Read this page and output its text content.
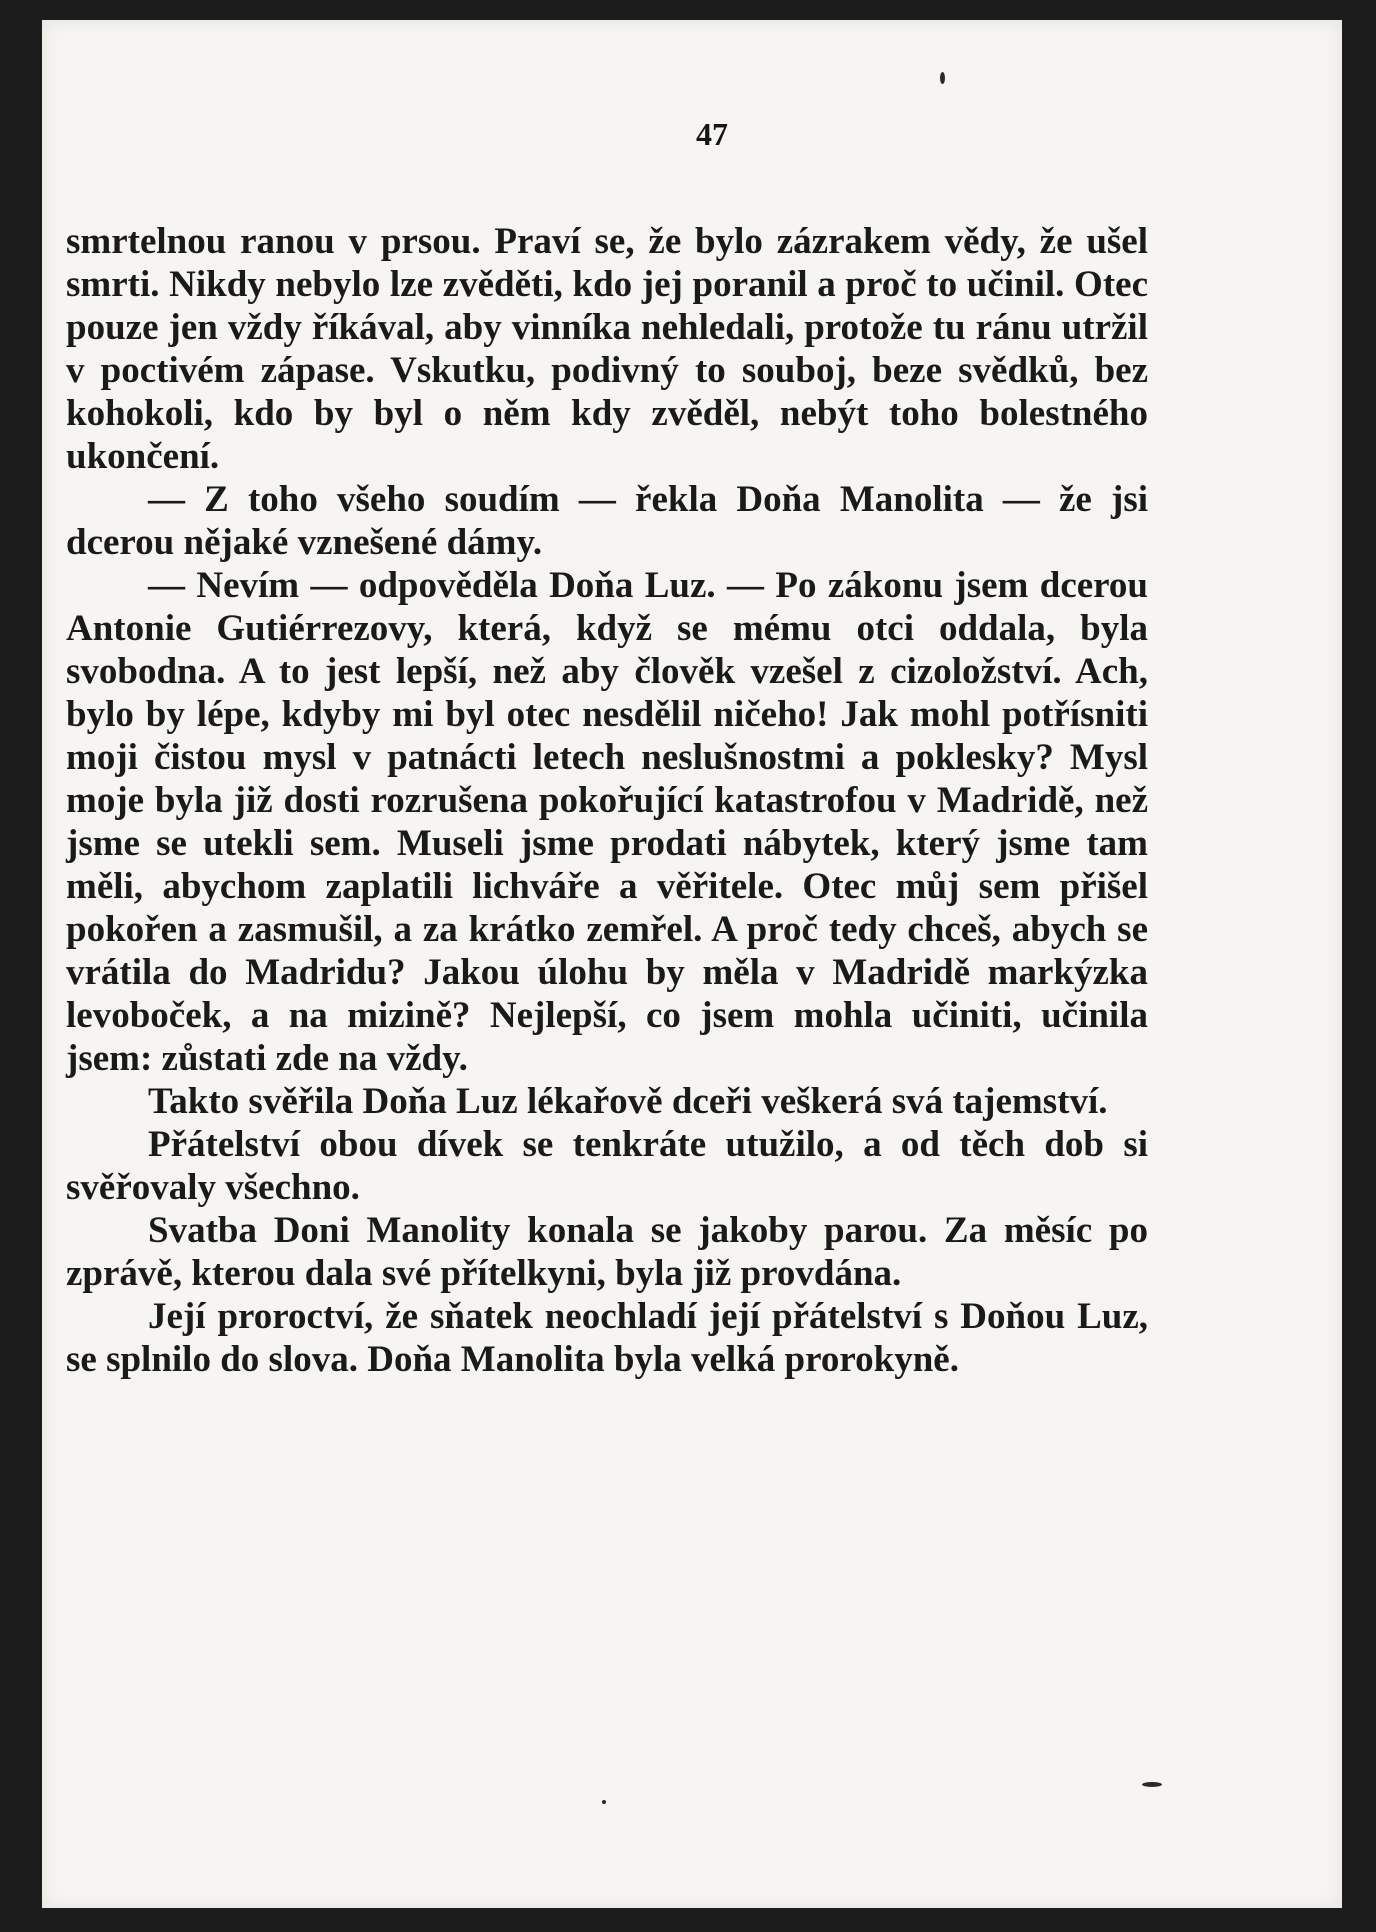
47

smrtelnou ranou v prsou. Praví se, že bylo zázrakem vědy, že ušel smrti. Nikdy nebylo lze zvěděti, kdo jej poranil a proč to učinil. Otec pouze jen vždy říkával, aby vinníka nehledali, protože tu ránu utržil v poctivém zápase. Vskutku, podivný to souboj, beze svědků, bez kohokoli, kdo by byl o něm kdy zvěděl, nebýt toho bolestného ukončení.

— Z toho všeho soudím — řekla Doňa Manolita — že jsi dcerou nějaké vznešené dámy.

— Nevím — odpověděla Doňa Luz. — Po zákonu jsem dcerou Antonie Gutiérrezovy, která, když se mému otci oddala, byla svobodna. A to jest lepší, než aby člověk vzešel z cizoložství. Ach, bylo by lépe, kdyby mi byl otec nesdělil ničeho! Jak mohl potřísniti moji čistou mysl v patnácti letech neslušnostmi a poklesky? Mysl moje byla již dosti rozrušena pokořující katastrofou v Madridě, než jsme se utekli sem. Museli jsme prodati nábytek, který jsme tam měli, abychom zaplatili lichváře a věřitele. Otec můj sem přišel pokořen a zasmušil, a za krátko zemřel. A proč tedy chceš, abych se vrátila do Madridu? Jakou úlohu by měla v Madridě markýzka levoboček, a na mizině? Nejlepší, co jsem mohla učiniti, učinila jsem: zůstati zde na vždy.

Takto svěřila Doňa Luz lékařově dceři veškerá svá tajemství.

Přátelství obou dívek se tenkráte utužilo, a od těch dob si svěřovaly všechno.

Svatba Doni Manolity konala se jakoby parou. Za měsíc po zprávě, kterou dala své přítelkyni, byla již provdána.

Její proroctví, že sňatek neochladí její přátelství s Doňou Luz, se splnilo do slova. Doňa Manolita byla velká prorokyně.
